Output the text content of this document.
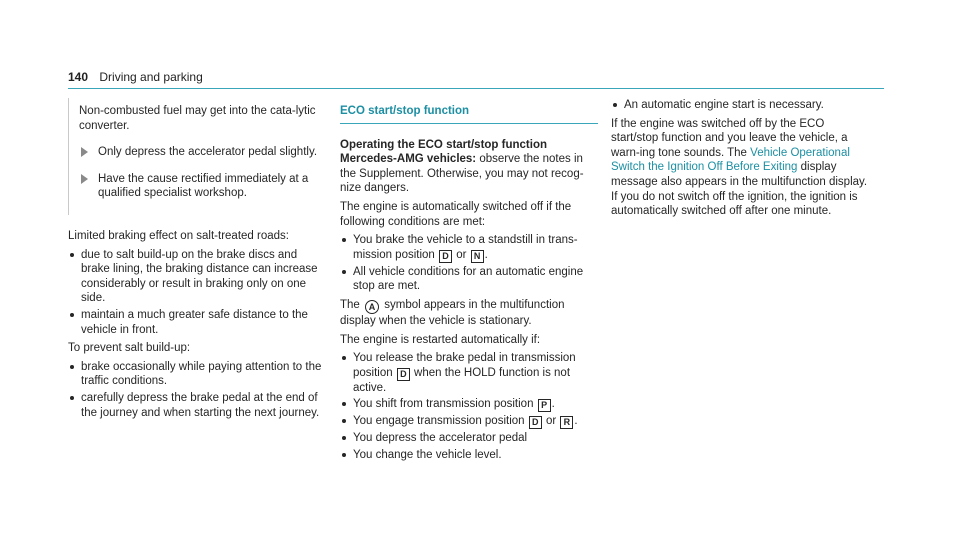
140 Driving and parking

Non-combusted fuel may get into the cata-lytic converter.

Only depress the accelerator pedal slightly.
Have the cause rectified immediately at a qualified specialist workshop.

Limited braking effect on salt-treated roads:

due to salt build-up on the brake discs and brake lining, the braking distance can increase considerably or result in braking only on one side.
maintain a much greater safe distance to the vehicle in front.

To prevent salt build-up:

brake occasionally while paying attention to the traffic conditions.
carefully depress the brake pedal at the end of the journey and when starting the next journey.
ECO start/stop function

Operating the ECO start/stop function

Mercedes-AMG vehicles: observe the notes in the Supplement. Otherwise, you may not recog-nize dangers.

The engine is automatically switched off if the following conditions are met:

You brake the vehicle to a standstill in trans-mission position D or N .
All vehicle conditions for an automatic engine stop are met.

The A symbol appears in the multifunction display when the vehicle is stationary.

The engine is restarted automatically if:

You release the brake pedal in transmission position D when the HOLD function is not active.
You shift from transmission position P .
You engage transmission position D or R .
You depress the accelerator pedal
You change the vehicle level.
An automatic engine start is necessary.

If the engine was switched off by the ECO start/stop function and you leave the vehicle, a warn-ing tone sounds. The Vehicle Operational Switch the Ignition Off Before Exiting display message also appears in the multifunction display. If you do not switch off the ignition, the ignition is automatically switched off after one minute.
